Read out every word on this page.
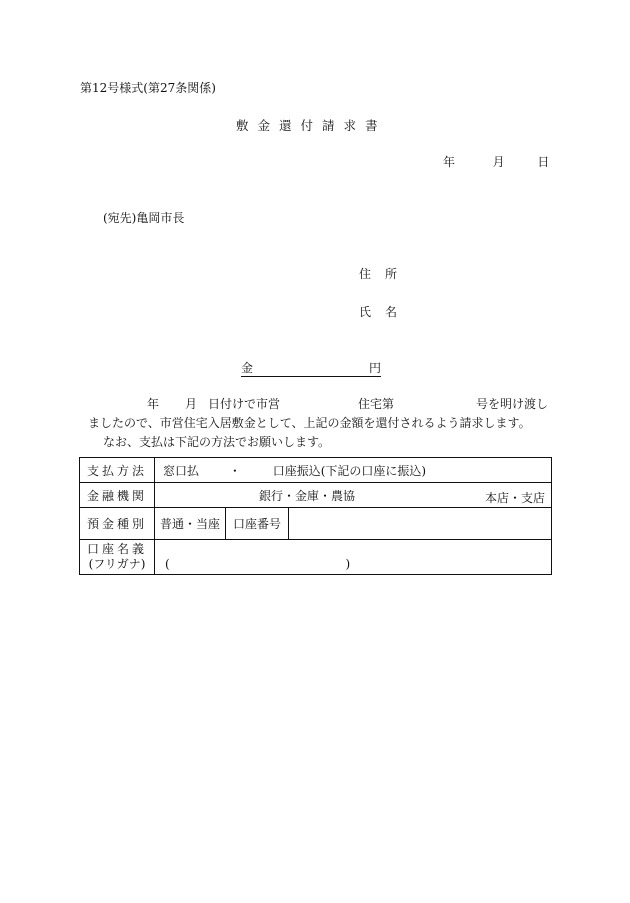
第12号様式(第27条関係)
敷金還付請求書
年	月	日
(宛先)亀岡市長
住 所
氏 名
金	円
年 月 日付けで市営	住宅第	号を明け渡し
ましたので、市営住宅入居敷金として、上記の金額を還付されるよう請求します。
なお、支払は下記の方法でお願いします。
支払方法	窓口払 ・ 口座振込(下記の口座に振込)		
金融機関	銀行・金庫・農協 本店・支店		

預金種別	普通・当座	口座番号	

口座名義
(フリガナ)	( )		
